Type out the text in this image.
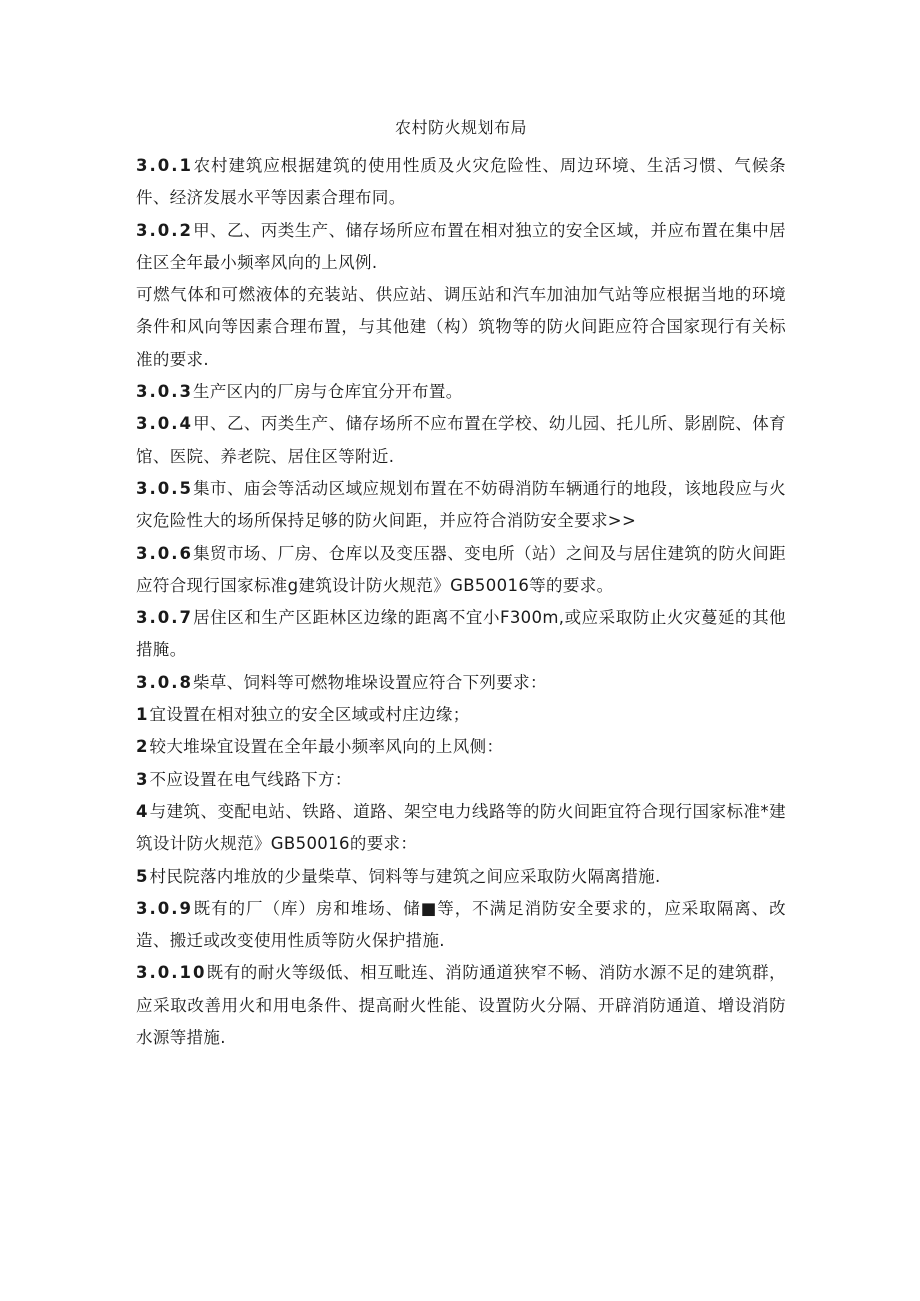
农村防火规划布局

3.0.1农村建筑应根据建筑的使用性质及火灾危险性、周边环境、生活习惯、气候条件、经济发展水平等因素合理布同。

3.0.2甲、乙、丙类生产、储存场所应布置在相对独立的安全区域，并应布置在集中居住区全年最小频率风向的上风例.

可燃气体和可燃液体的充装站、供应站、调压站和汽车加油加气站等应根据当地的环境条件和风向等因素合理布置，与其他建（构）筑物等的防火间距应符合国家现行有关标准的要求.

3.0.3生产区内的厂房与仓库宜分开布置。

3.0.4甲、乙、丙类生产、储存场所不应布置在学校、幼儿园、托儿所、影剧院、体育馆、医院、养老院、居住区等附近.

3.0.5集市、庙会等活动区域应规划布置在不妨碍消防车辆通行的地段，该地段应与火灾危险性大的场所保持足够的防火间距，并应符合消防安全要求>>

3.0.6集贸市场、厂房、仓库以及变压器、变电所（站）之间及与居住建筑的防火间距应符合现行国家标准g建筑设计防火规范》GB50016等的要求。

3.0.7居住区和生产区距林区边缘的距离不宜小F300m,或应采取防止火灾蔓延的其他措腌。

3.0.8柴草、饲料等可燃物堆垛设置应符合下列要求：

1宜设置在相对独立的安全区域或村庄边缘；

2较大堆垛宜设置在全年最小频率风向的上风侧：

3不应设置在电气线路下方：

4与建筑、变配电站、铁路、道路、架空电力线路等的防火间距宜符合现行国家标准*建筑设计防火规范》GB50016的要求：

5村民院落内堆放的少量柴草、饲料等与建筑之间应采取防火隔离措施.

3.0.9既有的厂（库）房和堆场、储■等，不满足消防安全要求的，应采取隔离、改造、搬迁或改变使用性质等防火保护措施.

3.0.10既有的耐火等级低、相互毗连、消防通道狭窄不畅、消防水源不足的建筑群，应采取改善用火和用电条件、提高耐火性能、设置防火分隔、开辟消防通道、增设消防水源等措施.
